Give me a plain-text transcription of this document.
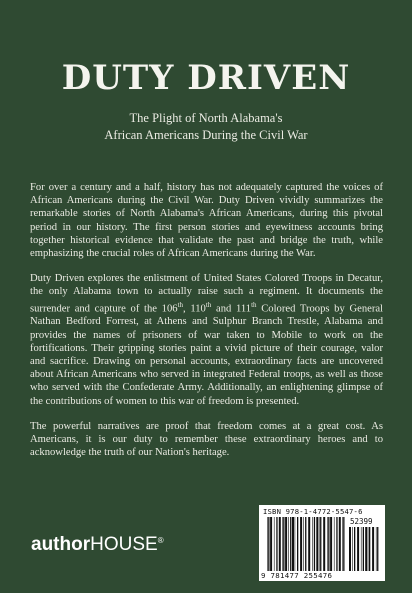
DUTY DRIVEN
The Plight of North Alabama's
African Americans During the Civil War

For over a century and a half, history has not adequately captured the voices of African Americans during the Civil War. Duty Driven vividly summarizes the remarkable stories of North Alabama's African Americans, during this pivotal period in our history. The first person stories and eyewitness accounts bring together historical evidence that validate the past and bridge the truth, while emphasizing the crucial roles of African Americans during the War.

Duty Driven explores the enlistment of United States Colored Troops in Decatur, the only Alabama town to actually raise such a regiment. It documents the surrender and capture of the 106th, 110th and 111th Colored Troops by General Nathan Bedford Forrest, at Athens and Sulphur Branch Trestle, Alabama and provides the names of prisoners of war taken to Mobile to work on the fortifications. Their gripping stories paint a vivid picture of their courage, valor and sacrifice. Drawing on personal accounts, extraordinary facts are uncovered about African Americans who served in integrated Federal troops, as well as those who served with the Confederate Army. Additionally, an enlightening glimpse of the contributions of women to this war of freedom is presented.

The powerful narratives are proof that freedom comes at a great cost. As Americans, it is our duty to remember these extraordinary heroes and to acknowledge the truth of our Nation's heritage.

authorHOUSE®
ISBN 978-1-4772-5547-6
52399
9 781477 255476
